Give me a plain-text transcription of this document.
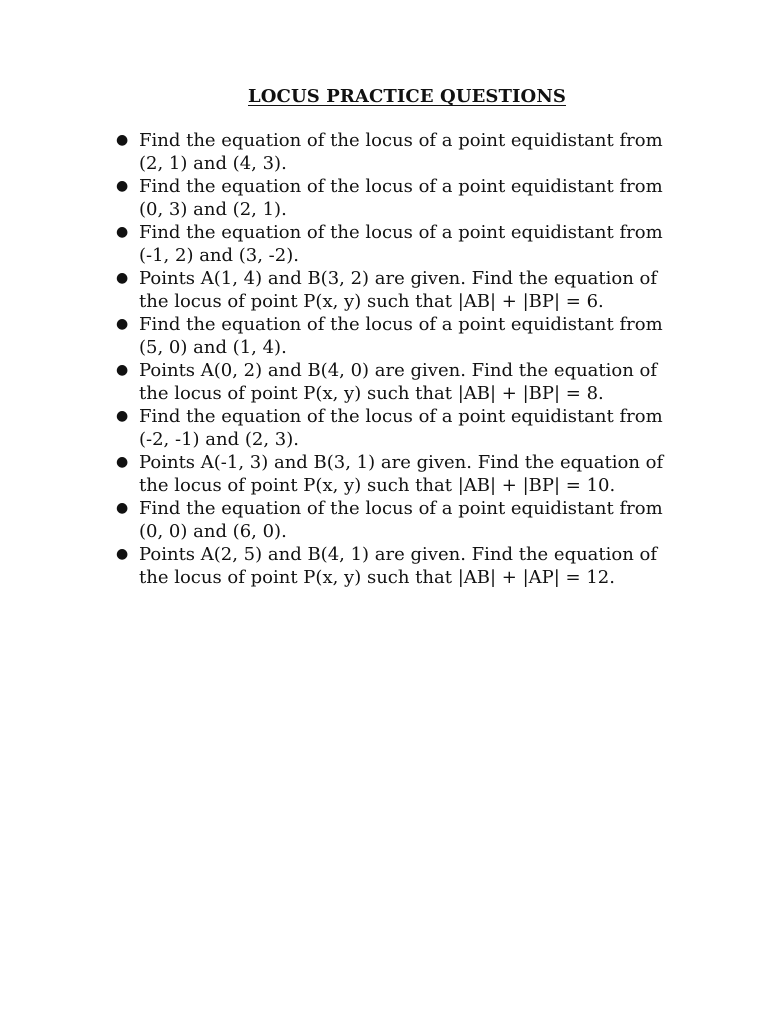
LOCUS PRACTICE QUESTIONS
● Find the equation of the locus of a point equidistant from
(2, 1) and (4, 3).
● Find the equation of the locus of a point equidistant from
(0, 3) and (2, 1).
● Find the equation of the locus of a point equidistant from
(-1, 2) and (3, -2).
● Points A(1, 4) and B(3, 2) are given. Find the equation of
the locus of point P(x, y) such that |AB| + |BP| = 6.
● Find the equation of the locus of a point equidistant from
(5, 0) and (1, 4).
● Points A(0, 2) and B(4, 0) are given. Find the equation of
the locus of point P(x, y) such that |AB| + |BP| = 8.
● Find the equation of the locus of a point equidistant from
(-2, -1) and (2, 3).
● Points A(-1, 3) and B(3, 1) are given. Find the equation of
the locus of point P(x, y) such that |AB| + |BP| = 10.
● Find the equation of the locus of a point equidistant from
(0, 0) and (6, 0).
● Points A(2, 5) and B(4, 1) are given. Find the equation of
the locus of point P(x, y) such that |AB| + |AP| = 12.
